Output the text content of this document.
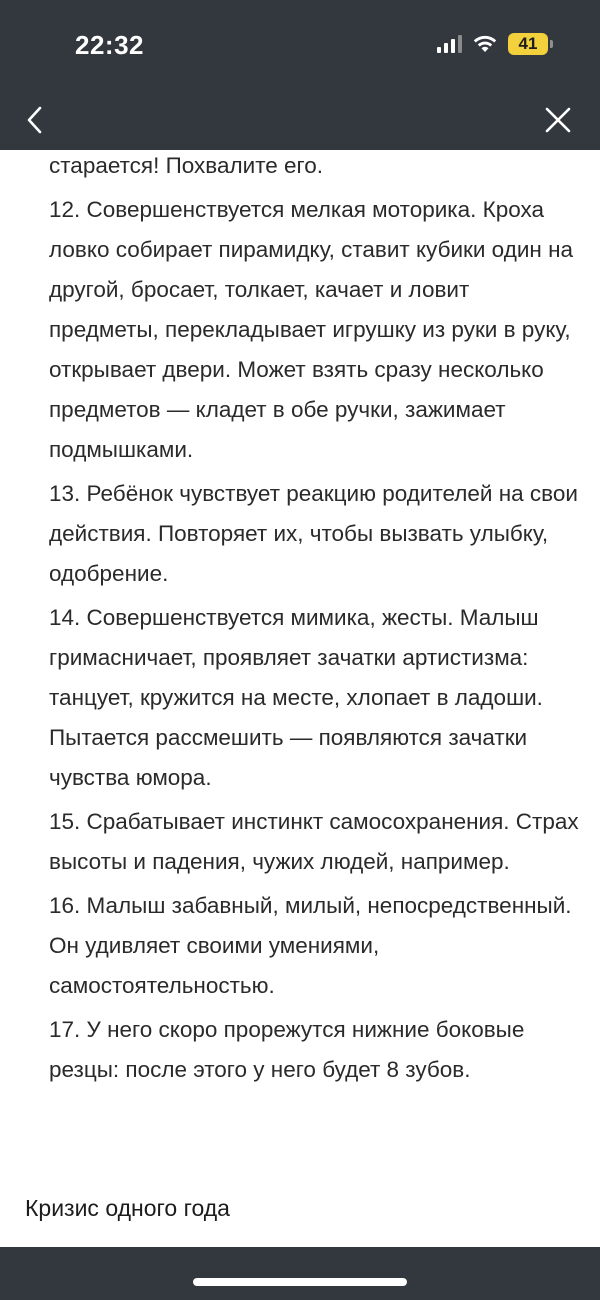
22:32	41

старается! Похвалите его.

12. Совершенствуется мелкая моторика. Кроха ловко собирает пирамидку, ставит кубики один на другой, бросает, толкает, качает и ловит предметы, перекладывает игрушку из руки в руку, открывает двери. Может взять сразу несколько предметов — кладет в обе ручки, зажимает подмышками.

13. Ребёнок чувствует реакцию родителей на свои действия. Повторяет их, чтобы вызвать улыбку, одобрение.

14. Совершенствуется мимика, жесты. Малыш гримасничает, проявляет зачатки артистизма: танцует, кружится на месте, хлопает в ладоши. Пытается рассмешить — появляются зачатки чувства юмора.

15. Срабатывает инстинкт самосохранения. Страх высоты и падения, чужих людей, например.

16. Малыш забавный, милый, непосредственный. Он удивляет своими умениями, самостоятельностью.

17. У него скоро прорежутся нижние боковые резцы: после этого у него будет 8 зубов.

Кризис одного года
